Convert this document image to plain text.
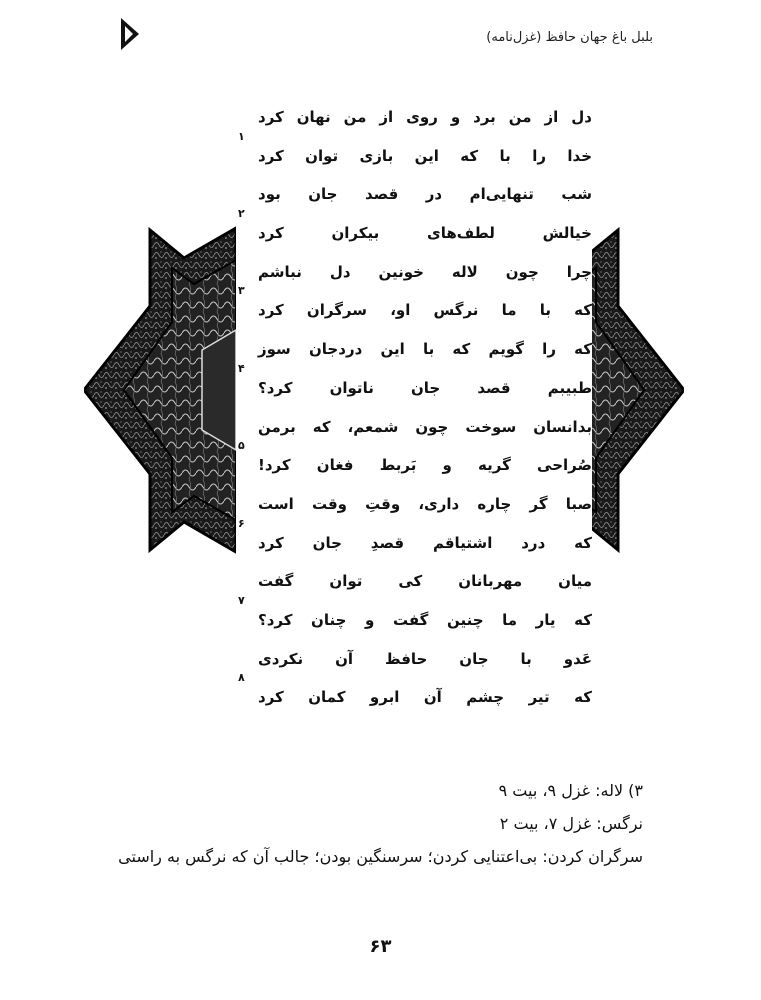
بلبل باغ جهان حافظ (غزل‌نامه)
دل از من برد و روی از من نهان کرد
خدا را با که این بازی توان کرد
۱
شب تنهایی‌ام در قصد جان بود
خیالش لطف‌های بیکران کرد
۲
چرا چون لاله خونین دل نباشم
که با ما نرگس او، سرگران کرد
۳
که را گویم که با این دردجان سوز
طبیبم قصد جان ناتوان کرد؟
۴
بدانسان سوخت چون شمعم، که برمن
صُراحی گریه و بَربط فغان کرد!
۵
صبا گر چاره داری، وقتِ وقت است
که درد اشتیاقم قصدِ جان کرد
۶
میان مهربانان کی توان گفت
که یار ما چنین گفت و چنان کرد؟
۷
عَدو با جان حافظ آن نکردی
که تیر چشم آن ابرو کمان کرد
۸

۳) لاله: غزل ۹، بیت ۹

نرگس: غزل ۷، بیت ۲

سرگران کردن: بی‌اعتنایی کردن؛ سرسنگین بودن؛ جالب آن که نرگس به راستی

۶۳
